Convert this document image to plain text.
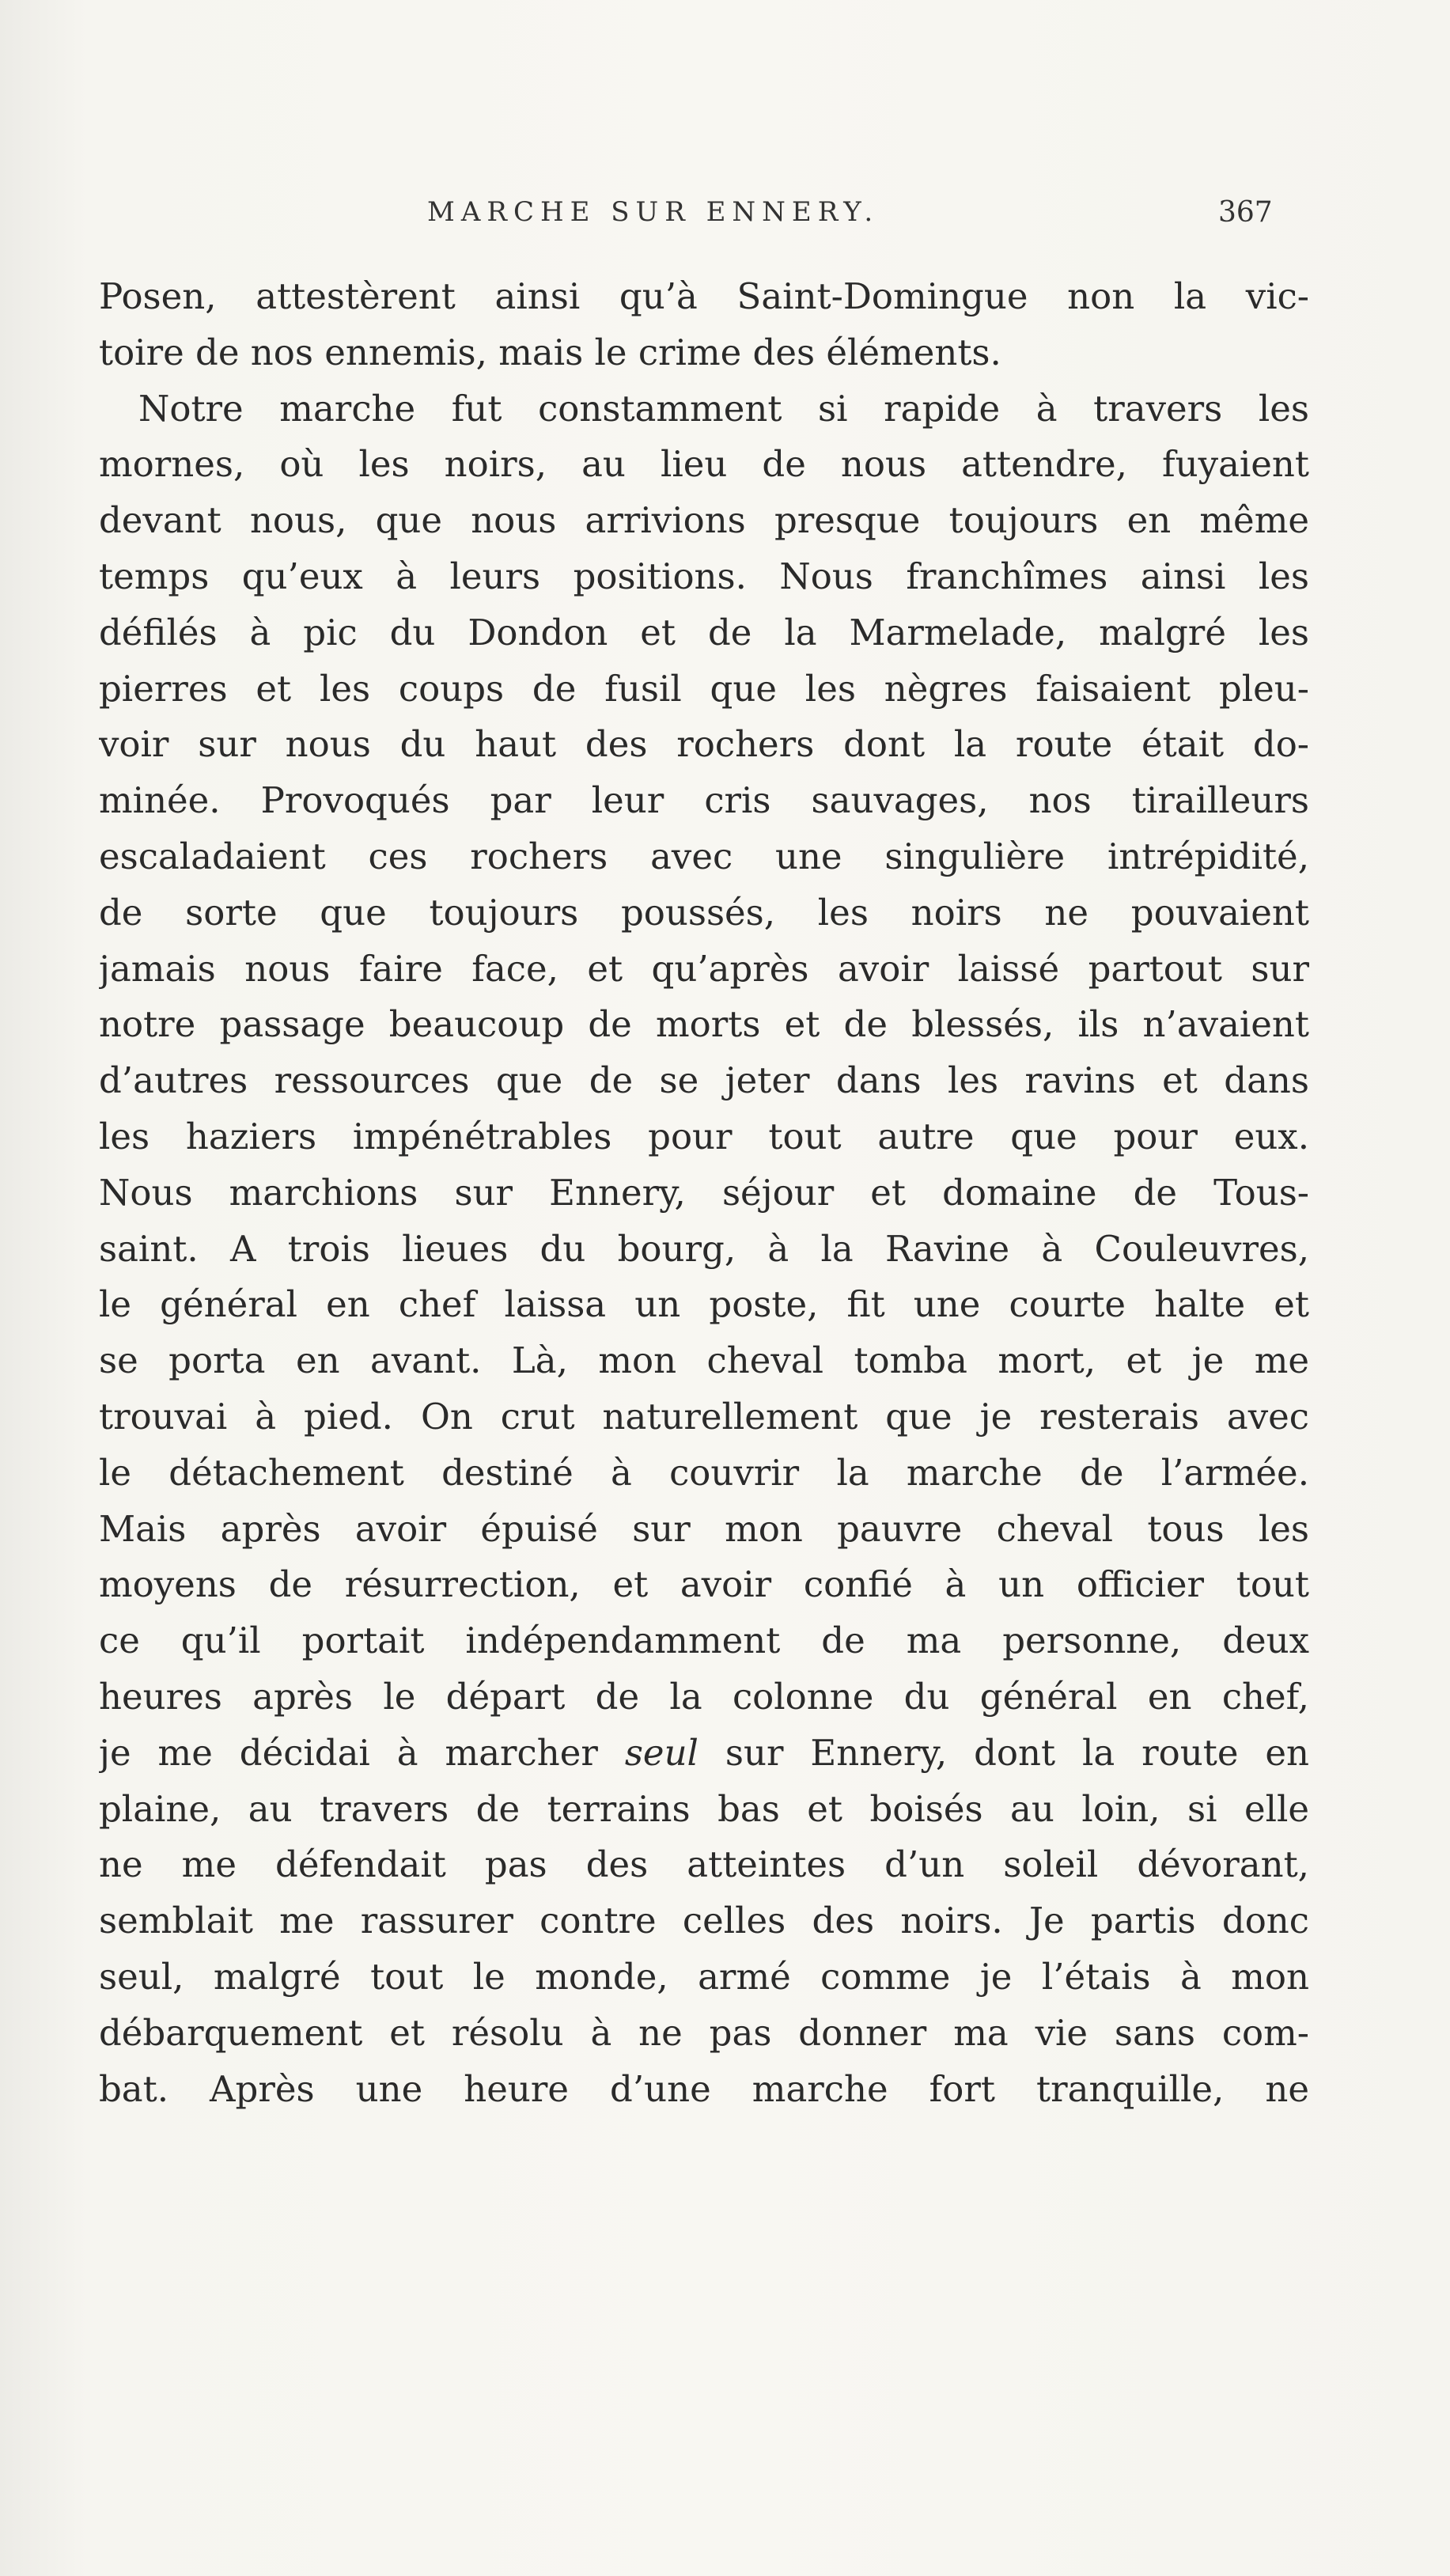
MARCHE SUR ENNERY.	367
Posen, attestèrent ainsi qu’à Saint-Domingue non la vic-
toire de nos ennemis, mais le crime des éléments.
Notre marche fut constamment si rapide à travers les
mornes, où les noirs, au lieu de nous attendre, fuyaient
devant nous, que nous arrivions presque toujours en même
temps qu’eux à leurs positions. Nous franchîmes ainsi les
défilés à pic du Dondon et de la Marmelade, malgré les
pierres et les coups de fusil que les nègres faisaient pleu-
voir sur nous du haut des rochers dont la route était do-
minée. Provoqués par leur cris sauvages, nos tirailleurs
escaladaient ces rochers avec une singulière intrépidité,
de sorte que toujours poussés, les noirs ne pouvaient
jamais nous faire face, et qu’après avoir laissé partout sur
notre passage beaucoup de morts et de blessés, ils n’avaient
d’autres ressources que de se jeter dans les ravins et dans
les haziers impénétrables pour tout autre que pour eux.
Nous marchions sur Ennery, séjour et domaine de Tous-
saint. A trois lieues du bourg, à la Ravine à Couleuvres,
le général en chef laissa un poste, fit une courte halte et
se porta en avant. Là, mon cheval tomba mort, et je me
trouvai à pied. On crut naturellement que je resterais avec
le détachement destiné à couvrir la marche de l’armée.
Mais après avoir épuisé sur mon pauvre cheval tous les
moyens de résurrection, et avoir confié à un officier tout
ce qu’il portait indépendamment de ma personne, deux
heures après le départ de la colonne du général en chef,
je me décidai à marcher seul sur Ennery, dont la route en
plaine, au travers de terrains bas et boisés au loin, si elle
ne me défendait pas des atteintes d’un soleil dévorant,
semblait me rassurer contre celles des noirs. Je partis donc
seul, malgré tout le monde, armé comme je l’étais à mon
débarquement et résolu à ne pas donner ma vie sans com-
bat. Après une heure d’une marche fort tranquille, ne
